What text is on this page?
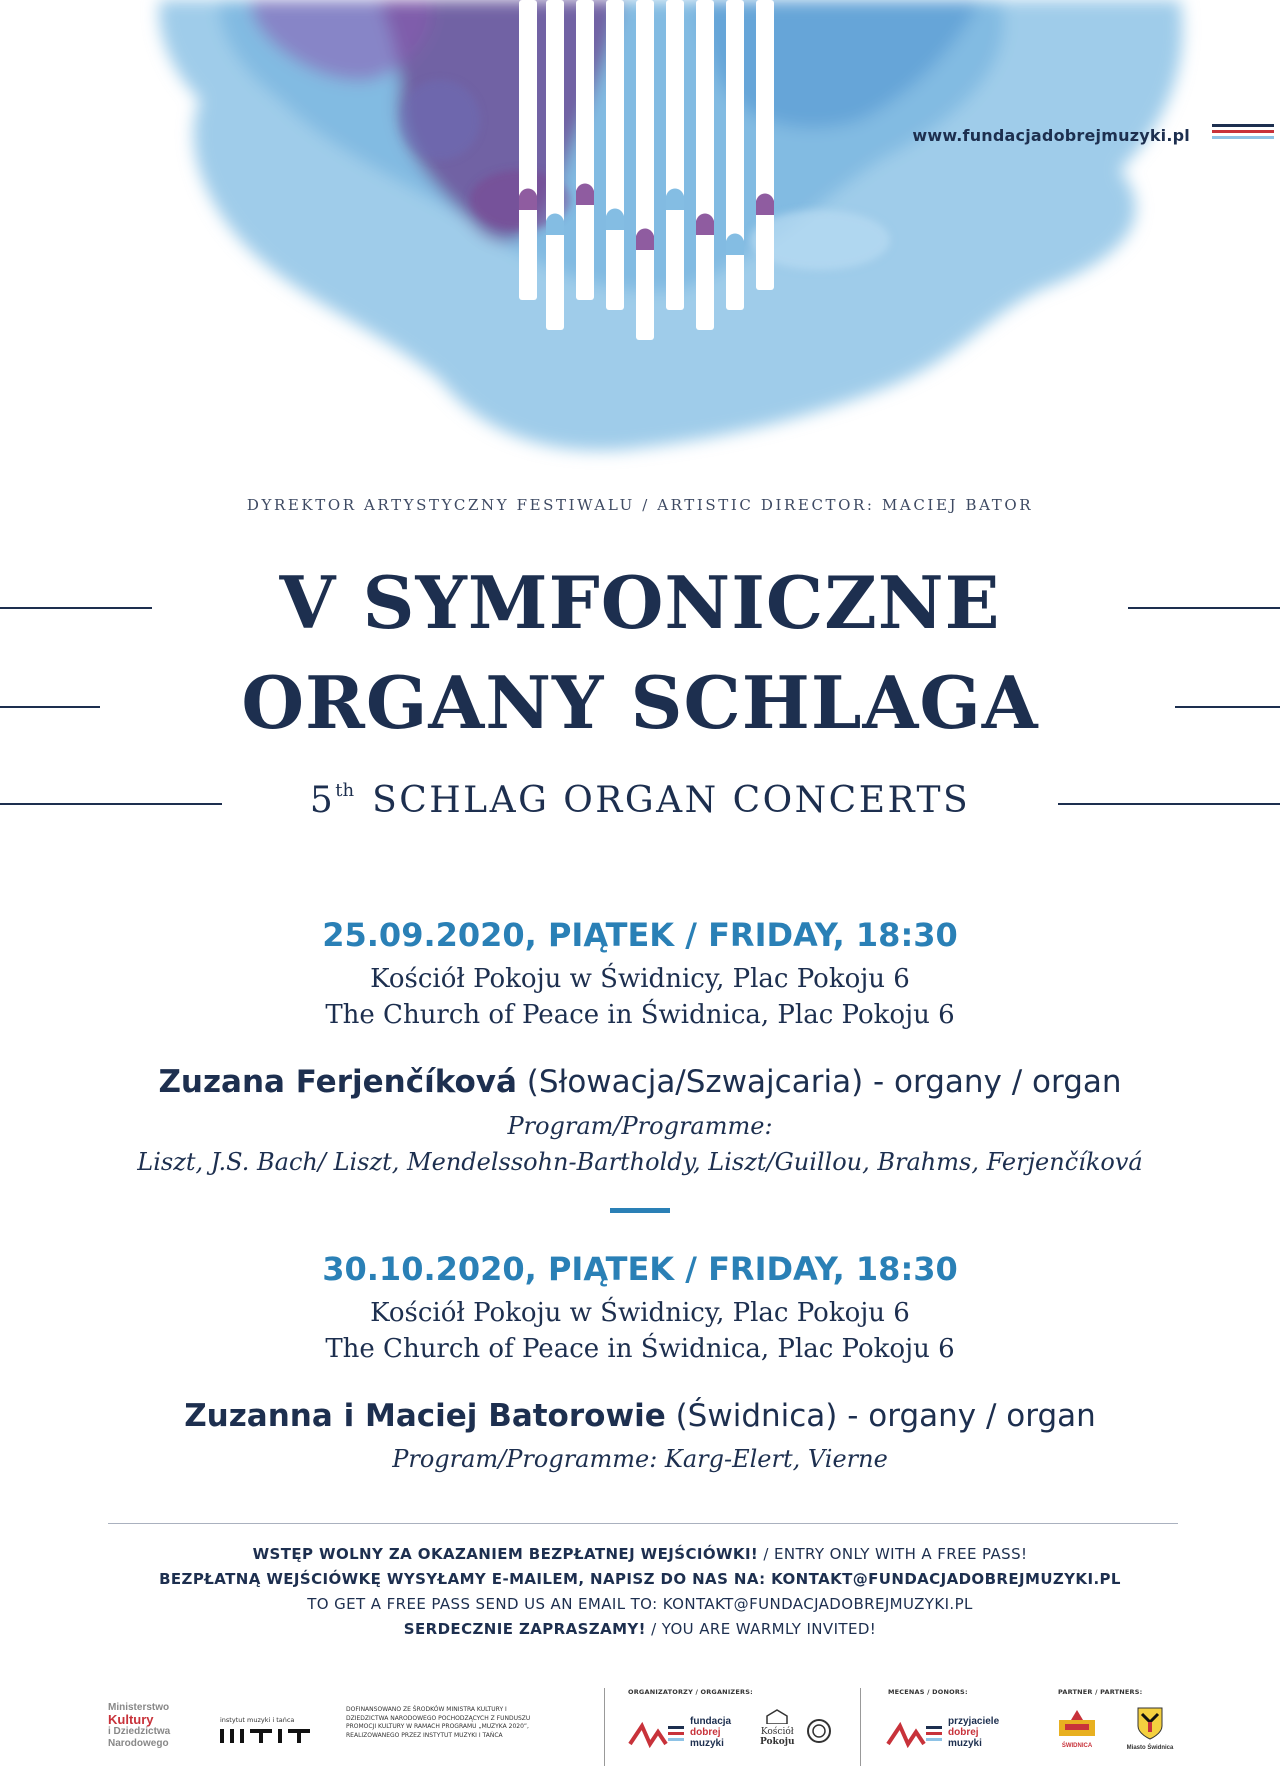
www.fundacjadobrejmuzyki.pl
DYREKTOR ARTYSTYCZNY FESTIWALU / ARTISTIC DIRECTOR: MACIEJ BATOR
V SYMFONICZNE
ORGANY SCHLAGA
5th SCHLAG ORGAN CONCERTS
25.09.2020, PIĄTEK / FRIDAY, 18:30
Kościół Pokoju w Świdnicy, Plac Pokoju 6
The Church of Peace in Świdnica, Plac Pokoju 6
Zuzana Ferjenčíková (Słowacja/Szwajcaria) - organy / organ
Program/Programme:
Liszt, J.S. Bach/ Liszt, Mendelssohn-Bartholdy, Liszt/Guillou, Brahms, Ferjenčíková
30.10.2020, PIĄTEK / FRIDAY, 18:30
Kościół Pokoju w Świdnicy, Plac Pokoju 6
The Church of Peace in Świdnica, Plac Pokoju 6
Zuzanna i Maciej Batorowie (Świdnica) - organy / organ
Program/Programme: Karg-Elert, Vierne
WSTĘP WOLNY ZA OKAZANIEM BEZPŁATNEJ WEJŚCIÓWKI! / ENTRY ONLY WITH A FREE PASS!
BEZPŁATNĄ WEJŚCIÓWKĘ WYSYŁAMY E-MAILEM, NAPISZ DO NAS NA: KONTAKT@FUNDACJADOBREJMUZYKI.PL
TO GET A FREE PASS SEND US AN EMAIL TO: KONTAKT@FUNDACJADOBREJMUZYKI.PL
SERDECZNIE ZAPRASZAMY! / YOU ARE WARMLY INVITED!
Ministerstwo
Kultury
i Dziedzictwa
Narodowego
instytut muzyki i tańca
DOFINANSOWANO ZE ŚRODKÓW MINISTRA KULTURY I DZIEDZICTWA NARODOWEGO POCHODZĄCYCH Z FUNDUSZU PROMOCJI KULTURY W RAMACH PROGRAMU „MUZYKA 2020”, REALIZOWANEGO PRZEZ INSTYTUT MUZYKI I TAŃCA
ORGANIZATORZY / ORGANIZERS:
fundacja
dobrej
muzyki
Kościół
Pokoju
MECENAS / DONORS:
przyjaciele
dobrej
muzyki
PARTNER / PARTNERS:
ŚWIDNICA	Miasto Świdnica
